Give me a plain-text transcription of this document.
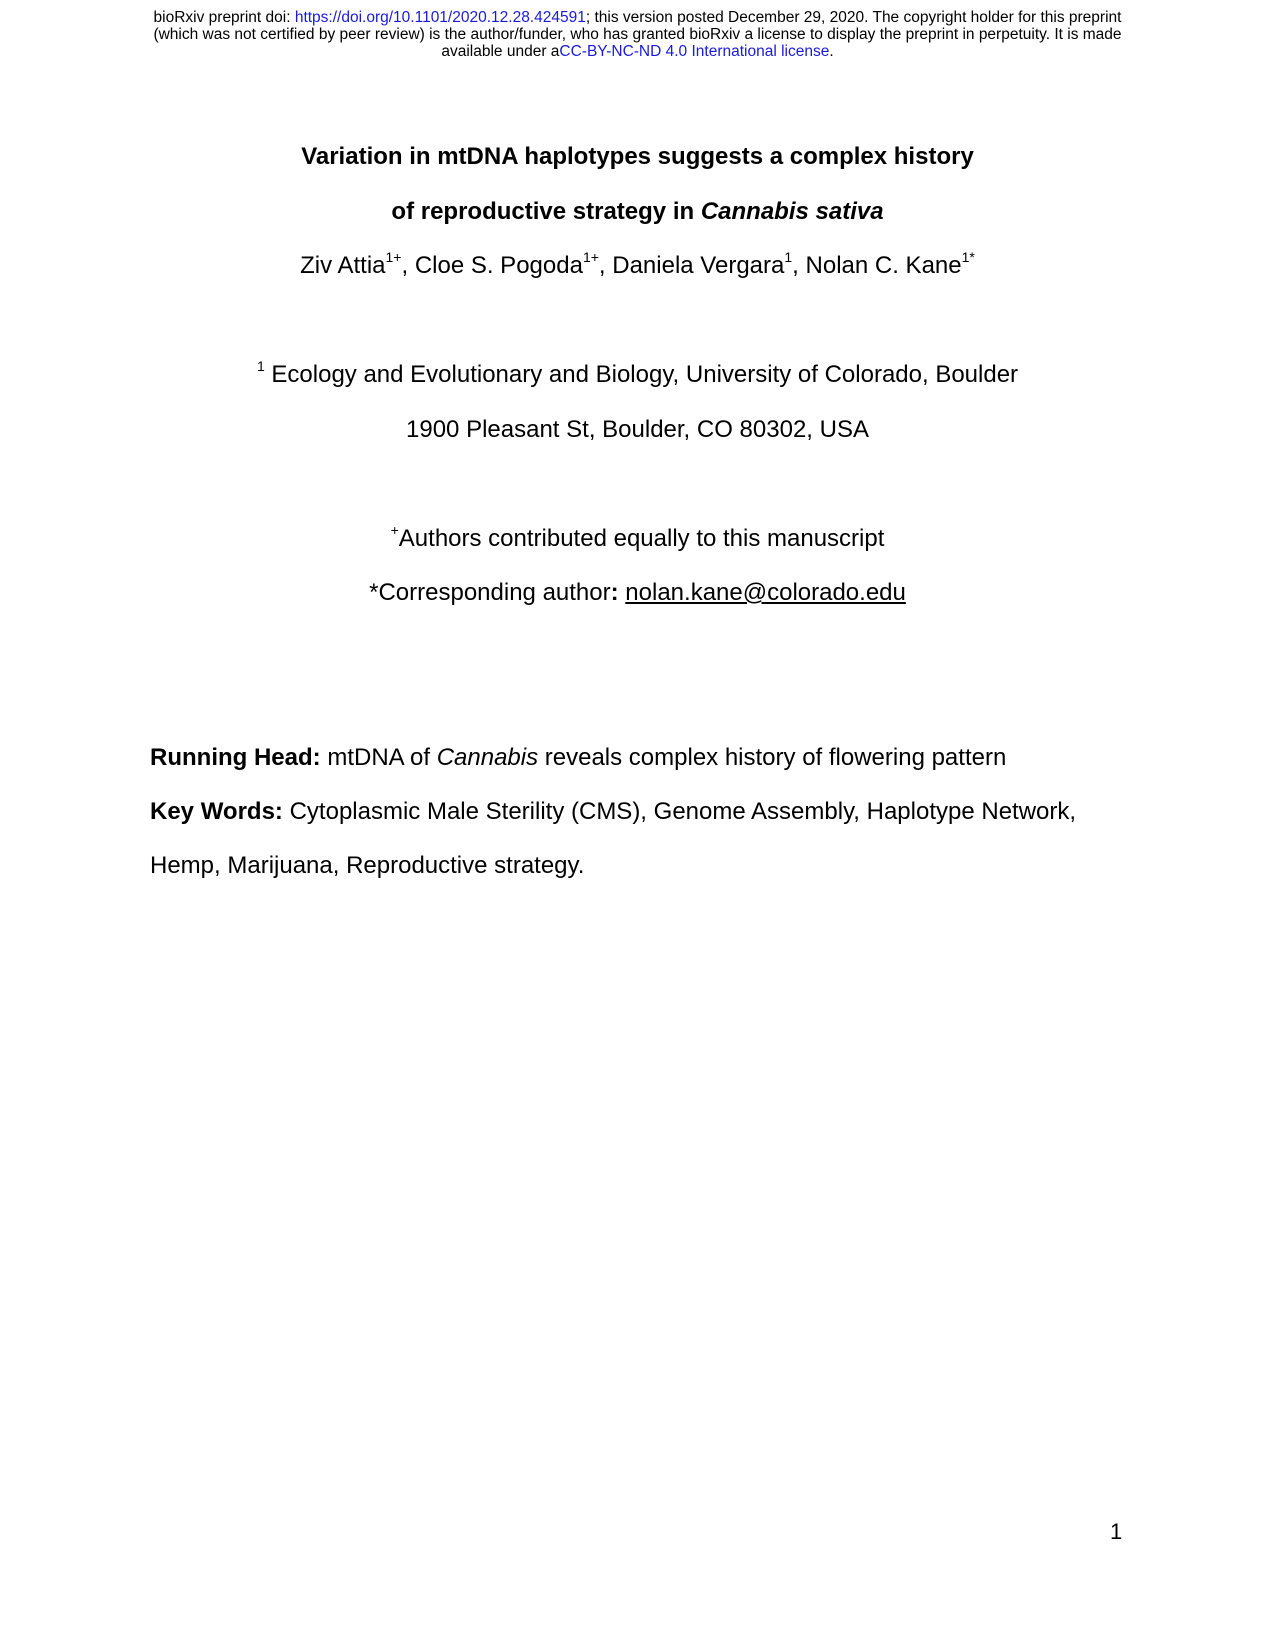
bioRxiv preprint doi: https://doi.org/10.1101/2020.12.28.424591; this version posted December 29, 2020. The copyright holder for this preprint
(which was not certified by peer review) is the author/funder, who has granted bioRxiv a license to display the preprint in perpetuity. It is made
available under aCC-BY-NC-ND 4.0 International license.
Variation in mtDNA haplotypes suggests a complex history
of reproductive strategy in Cannabis sativa
Ziv Attia$^{1+}$, Cloe S. Pogoda$^{1+}$, Daniela Vergara$^1$, Nolan C. Kane$^{1*}$
$^1$ Ecology and Evolutionary and Biology, University of Colorado, Boulder
1900 Pleasant St, Boulder, CO 80302, USA
+Authors contributed equally to this manuscript
*Corresponding author: nolan.kane@colorado.edu
Running Head: mtDNA of Cannabis reveals complex history of flowering pattern
Key Words: Cytoplasmic Male Sterility (CMS), Genome Assembly, Haplotype Network,
Hemp, Marijuana, Reproductive strategy.
1
